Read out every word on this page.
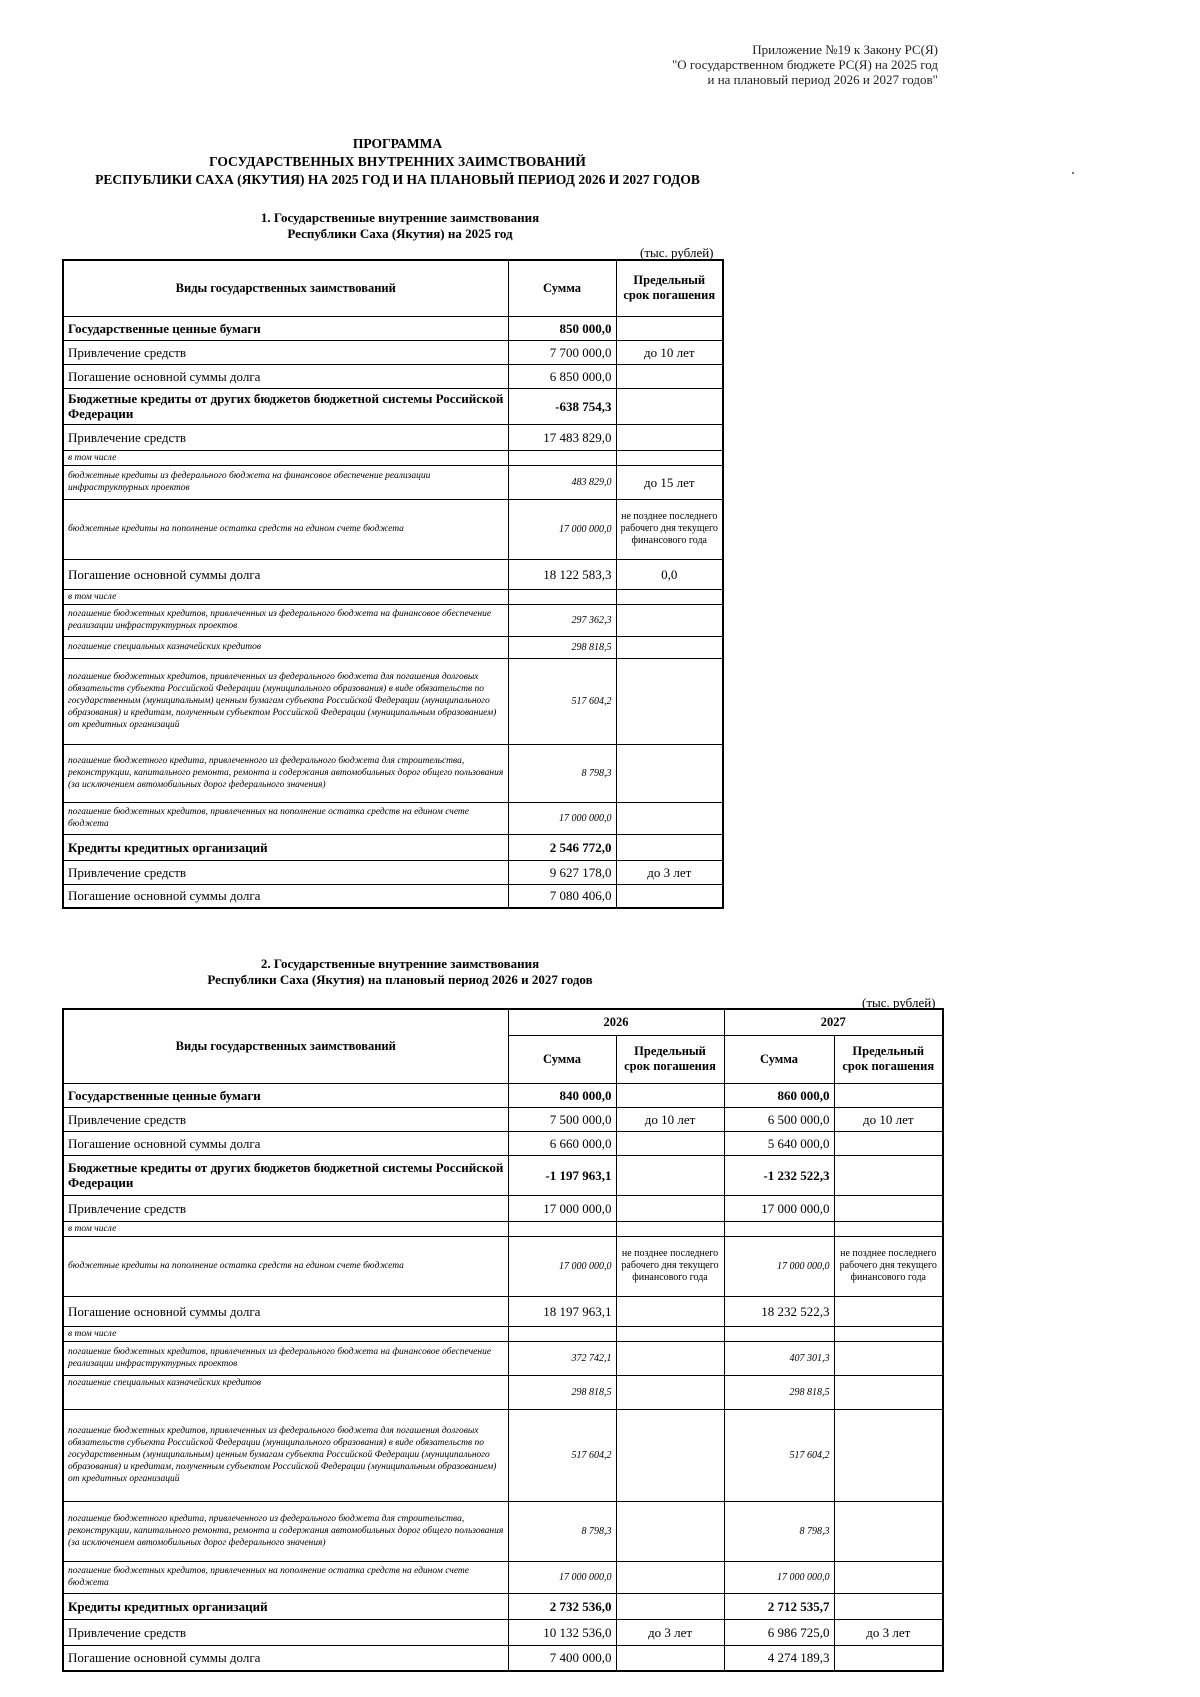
Приложение №19 к Закону РС(Я)
"О государственном бюджете РС(Я) на 2025 год
и на плановый период 2026 и 2027 годов"
ПРОГРАММА
ГОСУДАРСТВЕННЫХ ВНУТРЕННИХ ЗАИМСТВОВАНИЙ
РЕСПУБЛИКИ САХА (ЯКУТИЯ) НА 2025 ГОД И НА ПЛАНОВЫЙ ПЕРИОД 2026 И 2027 ГОДОВ
1. Государственные внутренние заимствования
Республики Саха (Якутия) на 2025 год
(тыс. рублей)
Виды государственных заимствований	Сумма	Предельный срок погашения
Государственные ценные бумаги	850 000,0	
Привлечение средств	7 700 000,0	до 10 лет
Погашение основной суммы долга	6 850 000,0	
Бюджетные кредиты от других бюджетов бюджетной системы Российской Федерации	-638 754,3	
Привлечение средств	17 483 829,0	
в том числе		
бюджетные кредиты из федерального бюджета на финансовое обеспечение реализации инфраструктурных проектов	483 829,0	до 15 лет
бюджетные кредиты на пополнение остатка средств на едином счете бюджета	17 000 000,0	не позднее последнего рабочего дня текущего финансового года
Погашение основной суммы долга	18 122 583,3	0,0
в том числе		
погашение бюджетных кредитов, привлеченных из федерального бюджета на финансовое обеспечение реализации инфраструктурных проектов	297 362,3	
погашение специальных казначейских кредитов	298 818,5	
погашение бюджетных кредитов, привлеченных из федерального бюджета для погашения долговых обязательств субъекта Российской Федерации (муниципального образования) в виде обязательств по государственным (муниципальным) ценным бумагам субъекта Российской Федерации (муниципального образования) и кредитам, полученным субъектом Российской Федерации (муниципальным образованием) от кредитных организаций	517 604,2	
погашение бюджетного кредита, привлеченного из федерального бюджета для строительства, реконструкции, капитального ремонта, ремонта и содержания автомобильных дорог общего пользования (за исключением автомобильных дорог федерального значения)	8 798,3	
погашение бюджетных кредитов, привлеченных на пополнение остатка средств на едином счете бюджета	17 000 000,0	
Кредиты кредитных организаций	2 546 772,0	
Привлечение средств	9 627 178,0	до 3 лет
Погашение основной суммы долга	7 080 406,0	
2. Государственные внутренние заимствования
Республики Саха (Якутия) на плановый период 2026 и 2027 годов
(тыс. рублей)
Виды государственных заимствований	2026		2027	
	Сумма	Предельный срок погашения	Сумма	Предельный срок погашения
Государственные ценные бумаги	840 000,0		860 000,0	
Привлечение средств	7 500 000,0	до 10 лет	6 500 000,0	до 10 лет
Погашение основной суммы долга	6 660 000,0		5 640 000,0	
Бюджетные кредиты от других бюджетов бюджетной системы Российской Федерации	-1 197 963,1		-1 232 522,3	
Привлечение средств	17 000 000,0		17 000 000,0	
в том числе				
бюджетные кредиты на пополнение остатка средств на едином счете бюджета	17 000 000,0	не позднее последнего рабочего дня текущего финансового года	17 000 000,0	не позднее последнего рабочего дня текущего финансового года
Погашение основной суммы долга	18 197 963,1		18 232 522,3	
в том числе				
погашение бюджетных кредитов, привлеченных из федерального бюджета на финансовое обеспечение реализации инфраструктурных проектов	372 742,1		407 301,3	
погашение специальных казначейских кредитов	298 818,5		298 818,5	
погашение бюджетных кредитов, привлеченных из федерального бюджета для погашения долговых обязательств субъекта Российской Федерации (муниципального образования) в виде обязательств по государственным (муниципальным) ценным бумагам субъекта Российской Федерации (муниципального образования) и кредитам, полученным субъектом Российской Федерации (муниципальным образованием) от кредитных организаций	517 604,2		517 604,2	
погашение бюджетного кредита, привлеченного из федерального бюджета для строительства, реконструкции, капитального ремонта, ремонта и содержания автомобильных дорог общего пользования (за исключением автомобильных дорог федерального значения)	8 798,3		8 798,3	
погашение бюджетных кредитов, привлеченных на пополнение остатка средств на едином счете бюджета	17 000 000,0		17 000 000,0	
Кредиты кредитных организаций	2 732 536,0		2 712 535,7	
Привлечение средств	10 132 536,0	до 3 лет	6 986 725,0	до 3 лет
Погашение основной суммы долга	7 400 000,0		4 274 189,3	
